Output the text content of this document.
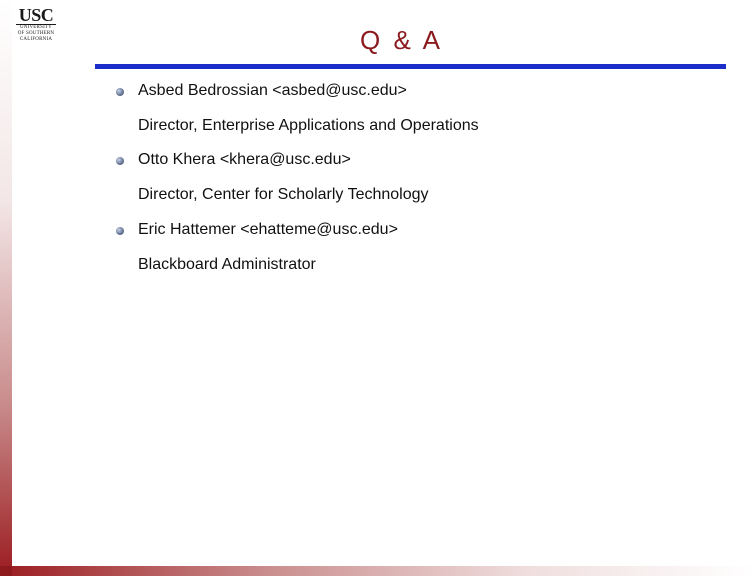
USC
UNIVERSITY
OF SOUTHERN
CALIFORNIA	Q & A
Asbed Bedrossian <asbed@usc.edu>
Director, Enterprise Applications and Operations
Otto Khera <khera@usc.edu>
Director, Center for Scholarly Technology
Eric Hattemer <ehatteme@usc.edu>
Blackboard Administrator
